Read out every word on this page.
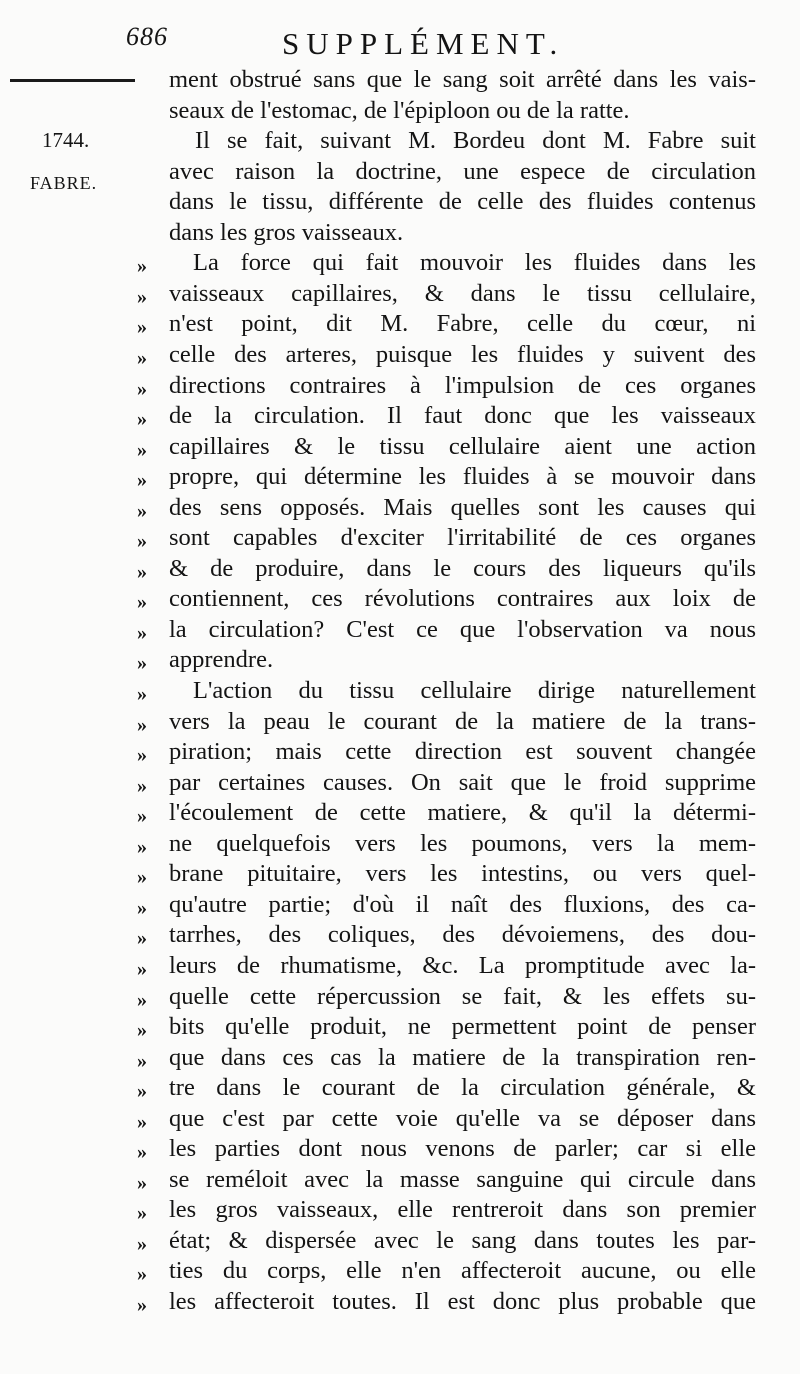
686	SUPPLÉMENT.
1744.
FABRE.
ment obstrué sans que le sang soit arrêté dans les vais-
seaux de l'estomac, de l'épiploon ou de la ratte.
Il se fait, suivant M. Bordeu dont M. Fabre suit
avec raison la doctrine, une espece de circulation
dans le tissu, différente de celle des fluides contenus
dans les gros vaisseaux.
» La force qui fait mouvoir les fluides dans les
» vaisseaux capillaires, & dans le tissu cellulaire,
» n'est point, dit M. Fabre, celle du cœur, ni
» celle des arteres, puisque les fluides y suivent des
» directions contraires à l'impulsion de ces organes
» de la circulation. Il faut donc que les vaisseaux
» capillaires & le tissu cellulaire aient une action
» propre, qui détermine les fluides à se mouvoir dans
» des sens opposés. Mais quelles sont les causes qui
» sont capables d'exciter l'irritabilité de ces organes
» & de produire, dans le cours des liqueurs qu'ils
» contiennent, ces révolutions contraires aux loix de
» la circulation? C'est ce que l'observation va nous
» apprendre.
» L'action du tissu cellulaire dirige naturellement
» vers la peau le courant de la matiere de la trans-
» piration; mais cette direction est souvent changée
» par certaines causes. On sait que le froid supprime
» l'écoulement de cette matiere, & qu'il la détermi-
» ne quelquefois vers les poumons, vers la mem-
» brane pituitaire, vers les intestins, ou vers quel-
» qu'autre partie; d'où il naît des fluxions, des ca-
» tarrhes, des coliques, des dévoiemens, des dou-
» leurs de rhumatisme, &c. La promptitude avec la-
» quelle cette répercussion se fait, & les effets su-
» bits qu'elle produit, ne permettent point de penser
» que dans ces cas la matiere de la transpiration ren-
» tre dans le courant de la circulation générale, &
» que c'est par cette voie qu'elle va se déposer dans
» les parties dont nous venons de parler; car si elle
» se reméloit avec la masse sanguine qui circule dans
» les gros vaisseaux, elle rentreroit dans son premier
» état; & dispersée avec le sang dans toutes les par-
» ties du corps, elle n'en affecteroit aucune, ou elle
» les affecteroit toutes. Il est donc plus probable que
